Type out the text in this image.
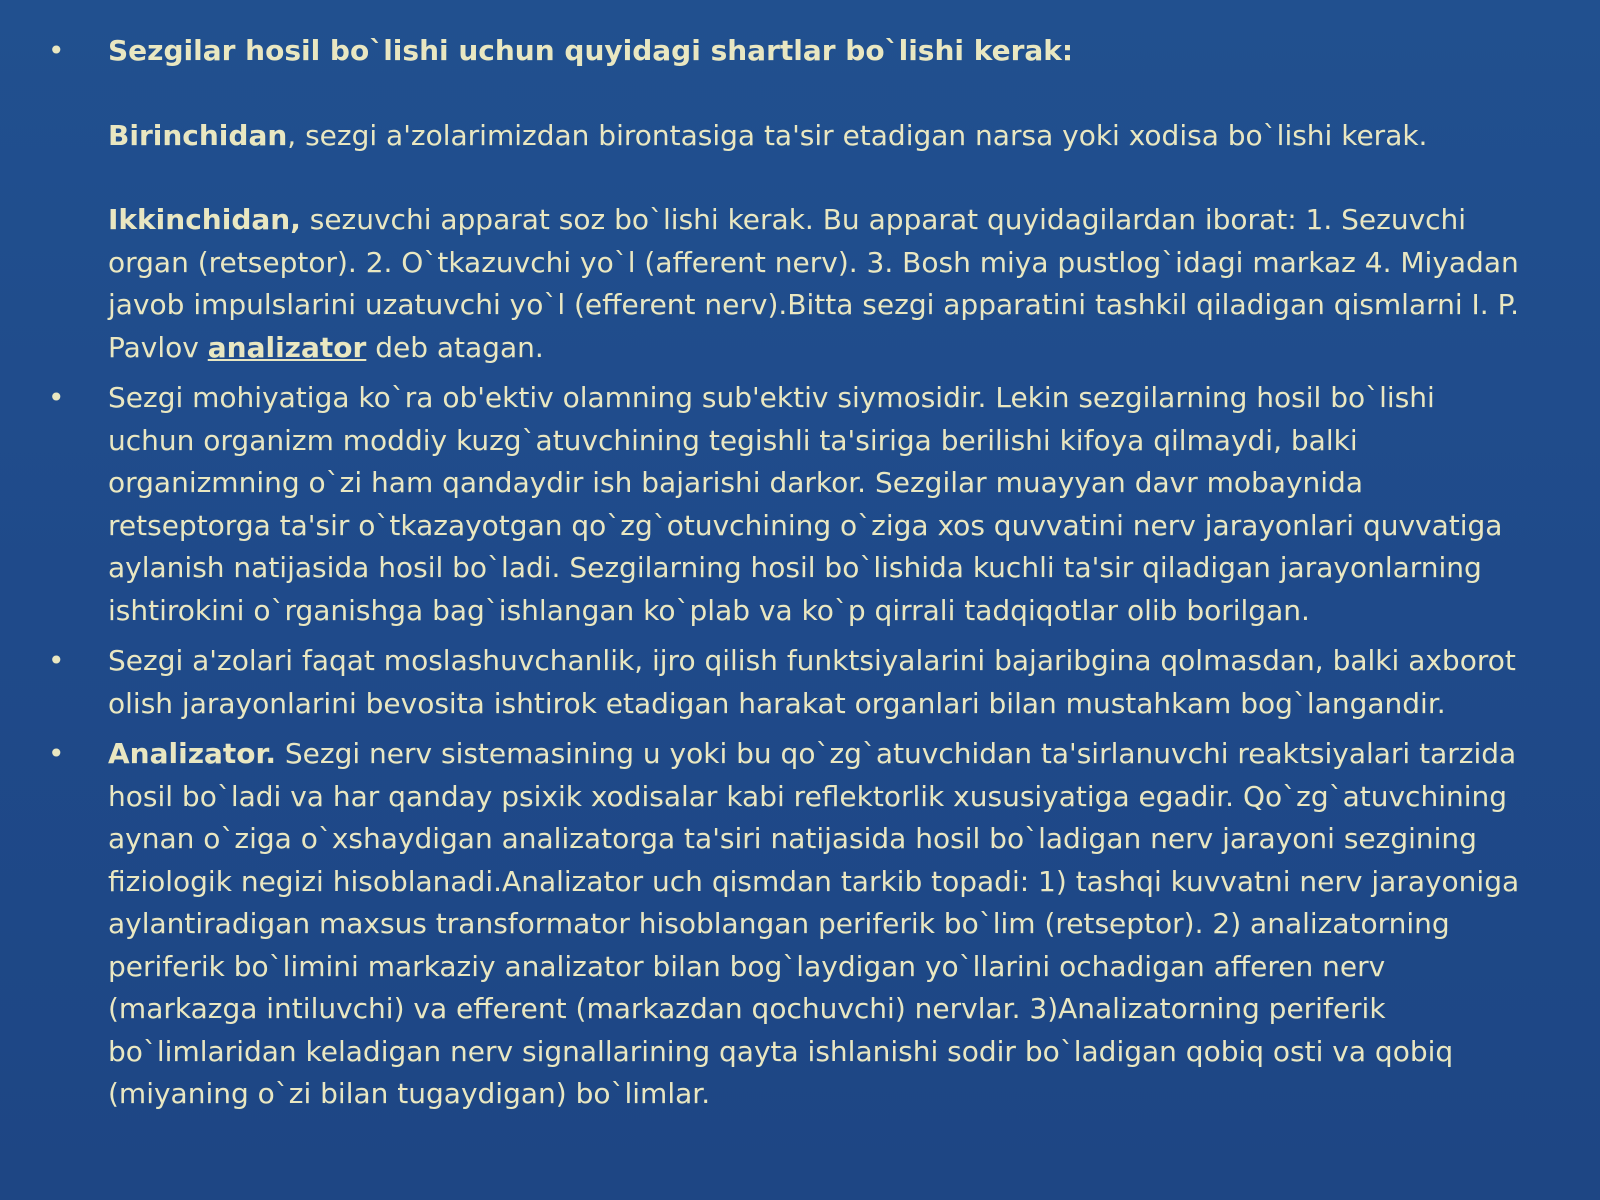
• Sezgilar hosil bo`lishi uchun quyidagi shartlar bo`lishi kerak:

Birinchidan, sezgi a'zolarimizdan birontasiga ta'sir etadigan narsa yoki xodisa bo`lishi kerak.

Ikkinchidan, sezuvchi apparat soz bo`lishi kerak. Bu apparat quyidagilardan iborat: 1. Sezuvchi organ (retseptor). 2. O`tkazuvchi yo`l (afferent nerv). 3. Bosh miya pustlog`idagi markaz 4. Miyadan javob impulslarini uzatuvchi yo`l (efferent nerv).Bitta sezgi apparatini tashkil qiladigan qismlarni I. P. Pavlov analizator deb atagan.

• Sezgi mohiyatiga ko`ra ob'ektiv olamning sub'ektiv siymosidir. Lekin sezgilarning hosil bo`lishi uchun organizm moddiy kuzg`atuvchining tegishli ta'siriga berilishi kifoya qilmaydi, balki organizmning o`zi ham qandaydir ish bajarishi darkor. Sezgilar muayyan davr mobaynida retseptorga ta'sir o`tkazayotgan qo`zg`otuvchining o`ziga xos quvvatini nerv jarayonlari quvvatiga aylanish natijasida hosil bo`ladi. Sezgilarning hosil bo`lishida kuchli ta'sir qiladigan jarayonlarning ishtirokini o`rganishga bag`ishlangan ko`plab va ko`p qirrali tadqiqotlar olib borilgan.

• Sezgi a'zolari faqat moslashuvchanlik, ijro qilish funktsiyalarini bajaribgina qolmasdan, balki axborot olish jarayonlarini bevosita ishtirok etadigan harakat organlari bilan mustahkam bog`langandir.

• Analizator. Sezgi nerv sistemasining u yoki bu qo`zg`atuvchidan ta'sirlanuvchi reaktsiyalari tarzida hosil bo`ladi va har qanday psixik xodisalar kabi reflektorlik xususiyatiga egadir. Qo`zg`atuvchining aynan o`ziga o`xshaydigan analizatorga ta'siri natijasida hosil bo`ladigan nerv jarayoni sezgining fiziologik negizi hisoblanadi.Analizator uch qismdan tarkib topadi: 1) tashqi kuvvatni nerv jarayoniga aylantiradigan maxsus transformator hisoblangan periferik bo`lim (retseptor). 2) analizatorning periferik bo`limini markaziy analizator bilan bog`laydigan yo`llarini ochadigan afferen nerv (markazga intiluvchi) va efferent (markazdan qochuvchi) nervlar. 3)Analizatorning periferik bo`limlaridan keladigan nerv signallarining qayta ishlanishi sodir bo`ladigan qobiq osti va qobiq (miyaning o`zi bilan tugaydigan) bo`limlar.
